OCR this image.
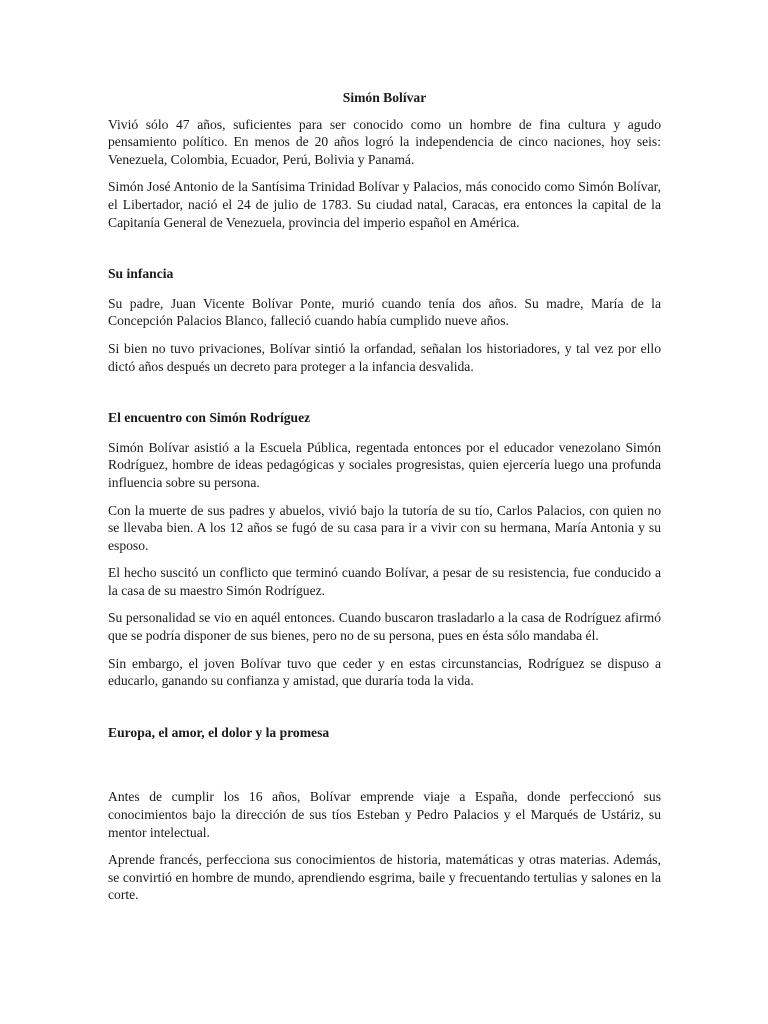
Simón Bolívar

Vivió sólo 47 años, suficientes para ser conocido como un hombre de fina cultura y agudo pensamiento político. En menos de 20 años logró la independencia de cinco naciones, hoy seis: Venezuela, Colombia, Ecuador, Perú, Bolivia y Panamá.

Simón José Antonio de la Santísima Trinidad Bolívar y Palacios, más conocido como Simón Bolívar, el Libertador, nació el 24 de julio de 1783. Su ciudad natal, Caracas, era entonces la capital de la Capitanía General de Venezuela, provincia del imperio español en América.

Su infancia

Su padre, Juan Vicente Bolívar Ponte, murió cuando tenía dos años. Su madre, María de la Concepción Palacios Blanco, falleció cuando había cumplido nueve años.

Si bien no tuvo privaciones, Bolívar sintió la orfandad, señalan los historiadores, y tal vez por ello dictó años después un decreto para proteger a la infancia desvalida.

El encuentro con Simón Rodríguez

Simón Bolívar asistió a la Escuela Pública, regentada entonces por el educador venezolano Simón Rodríguez, hombre de ideas pedagógicas y sociales progresistas, quien ejercería luego una profunda influencia sobre su persona.

Con la muerte de sus padres y abuelos, vivió bajo la tutoría de su tío, Carlos Palacios, con quien no se llevaba bien. A los 12 años se fugó de su casa para ir a vivir con su hermana, María Antonia y su esposo.

El hecho suscitó un conflicto que terminó cuando Bolívar, a pesar de su resistencia, fue conducido a la casa de su maestro Simón Rodríguez.

Su personalidad se vio en aquél entonces. Cuando buscaron trasladarlo a la casa de Rodríguez afirmó que se podría disponer de sus bienes, pero no de su persona, pues en ésta sólo mandaba él.

Sin embargo, el joven Bolívar tuvo que ceder y en estas circunstancias, Rodríguez se dispuso a educarlo, ganando su confianza y amistad, que duraría toda la vida.

Europa, el amor, el dolor y la promesa

Antes de cumplir los 16 años, Bolívar emprende viaje a España, donde perfeccionó sus conocimientos bajo la dirección de sus tíos Esteban y Pedro Palacios y el Marqués de Ustáriz, su mentor intelectual.

Aprende francés, perfecciona sus conocimientos de historia, matemáticas y otras materias. Además, se convirtió en hombre de mundo, aprendiendo esgrima, baile y frecuentando tertulias y salones en la corte.
